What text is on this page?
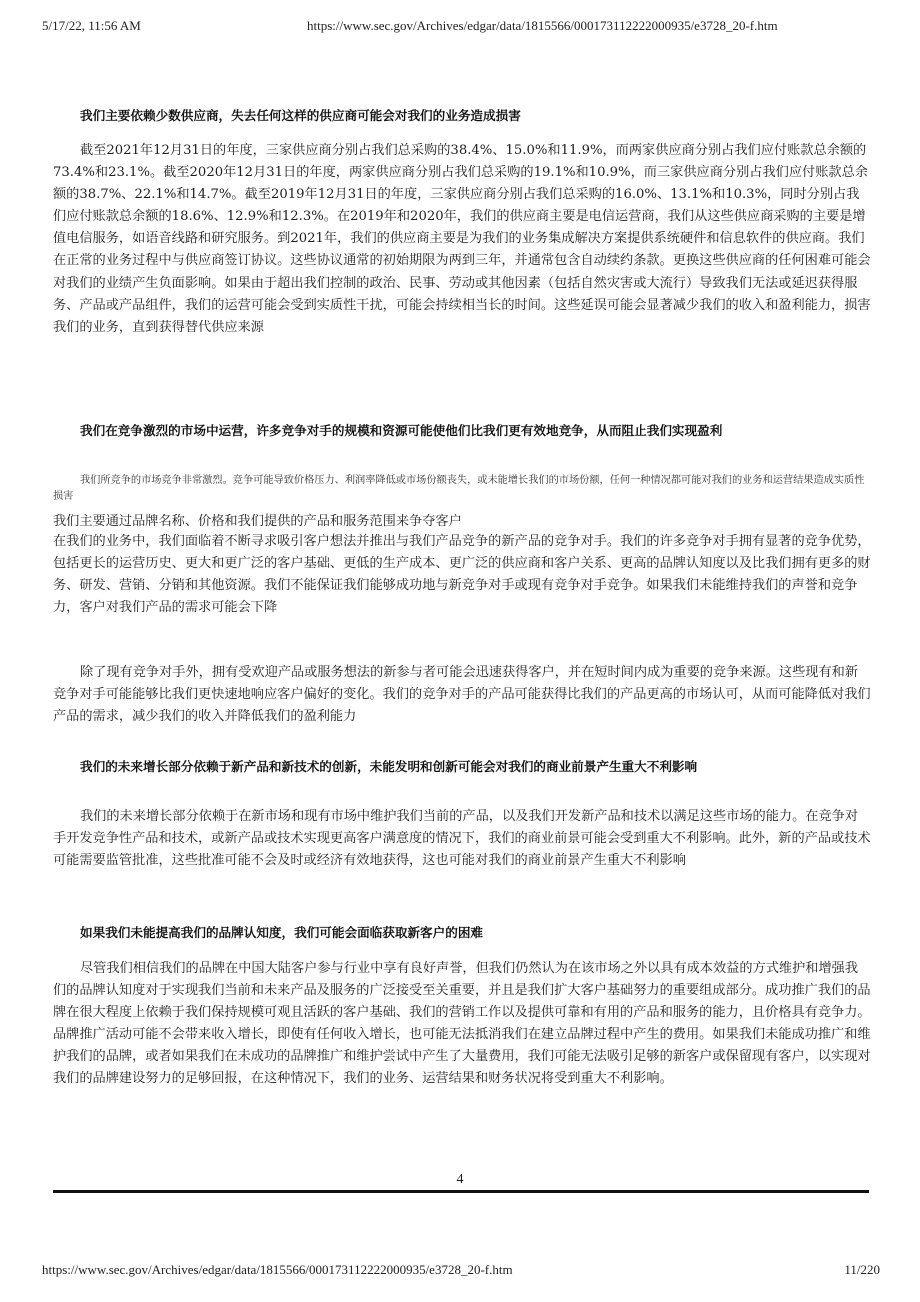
5/17/22, 11:56 AM	https://www.sec.gov/Archives/edgar/data/1815566/000173112222000935/e3728_20-f.htm
我们主要依赖少数供应商，失去任何这样的供应商可能会对我们的业务造成损害
截至2021年12月31日的年度，三家供应商分别占我们总采购的38.4%、15.0%和11.9%，而两家供应商分别占我们应付账款总余额的73.4%和23.1%。截至2020年12月31日的年度，两家供应商分别占我们总采购的19.1%和10.9%，而三家供应商分别占我们应付账款总余额的38.7%、22.1%和14.7%。截至2019年12月31日的年度，三家供应商分别占我们总采购的16.0%、13.1%和10.3%，同时分别占我们应付账款总余额的18.6%、12.9%和12.3%。在2019年和2020年，我们的供应商主要是电信运营商，我们从这些供应商采购的主要是增值电信服务，如语音线路和研究服务。到2021年，我们的供应商主要是为我们的业务集成解决方案提供系统硬件和信息软件的供应商。我们在正常的业务过程中与供应商签订协议。这些协议通常的初始期限为两到三年，并通常包含自动续约条款。更换这些供应商的任何困难可能会对我们的业绩产生负面影响。如果由于超出我们控制的政治、民事、劳动或其他因素（包括自然灾害或大流行）导致我们无法或延迟获得服务、产品或产品组件，我们的运营可能会受到实质性干扰，可能会持续相当长的时间。这些延误可能会显著减少我们的收入和盈利能力，损害我们的业务，直到获得替代供应来源
我们在竞争激烈的市场中运营，许多竞争对手的规模和资源可能使他们比我们更有效地竞争，从而阻止我们实现盈利
我们所竞争的市场竞争非常激烈。竞争可能导致价格压力、利润率降低或市场份额丧失，或未能增长我们的市场份额，任何一种情况都可能对我们的业务和运营结果造成实质性损害
我们主要通过品牌名称、价格和我们提供的产品和服务范围来争夺客户
在我们的业务中，我们面临着不断寻求吸引客户想法并推出与我们产品竞争的新产品的竞争对手。我们的许多竞争对手拥有显著的竞争优势，包括更长的运营历史、更大和更广泛的客户基础、更低的生产成本、更广泛的供应商和客户关系、更高的品牌认知度以及比我们拥有更多的财务、研发、营销、分销和其他资源。我们不能保证我们能够成功地与新竞争对手或现有竞争对手竞争。如果我们未能维持我们的声誉和竞争力，客户对我们产品的需求可能会下降
除了现有竞争对手外，拥有受欢迎产品或服务想法的新参与者可能会迅速获得客户，并在短时间内成为重要的竞争来源。这些现有和新竞争对手可能能够比我们更快速地响应客户偏好的变化。我们的竞争对手的产品可能获得比我们的产品更高的市场认可，从而可能降低对我们产品的需求，减少我们的收入并降低我们的盈利能力
我们的未来增长部分依赖于新产品和新技术的创新，未能发明和创新可能会对我们的商业前景产生重大不利影响
我们的未来增长部分依赖于在新市场和现有市场中维护我们当前的产品，以及我们开发新产品和技术以满足这些市场的能力。在竞争对手开发竞争性产品和技术，或新产品或技术实现更高客户满意度的情况下，我们的商业前景可能会受到重大不利影响。此外，新的产品或技术可能需要监管批准，这些批准可能不会及时或经济有效地获得，这也可能对我们的商业前景产生重大不利影响
如果我们未能提高我们的品牌认知度，我们可能会面临获取新客户的困难
尽管我们相信我们的品牌在中国大陆客户参与行业中享有良好声誉，但我们仍然认为在该市场之外以具有成本效益的方式维护和增强我们的品牌认知度对于实现我们当前和未来产品及服务的广泛接受至关重要，并且是我们扩大客户基础努力的重要组成部分。成功推广我们的品牌在很大程度上依赖于我们保持规模可观且活跃的客户基础、我们的营销工作以及提供可靠和有用的产品和服务的能力，且价格具有竞争力。品牌推广活动可能不会带来收入增长，即使有任何收入增长，也可能无法抵消我们在建立品牌过程中产生的费用。如果我们未能成功推广和维护我们的品牌，或者如果我们在未成功的品牌推广和维护尝试中产生了大量费用，我们可能无法吸引足够的新客户或保留现有客户，以实现对我们的品牌建设努力的足够回报，在这种情况下，我们的业务、运营结果和财务状况将受到重大不利影响。
4
https://www.sec.gov/Archives/edgar/data/1815566/000173112222000935/e3728_20-f.htm	11/220
